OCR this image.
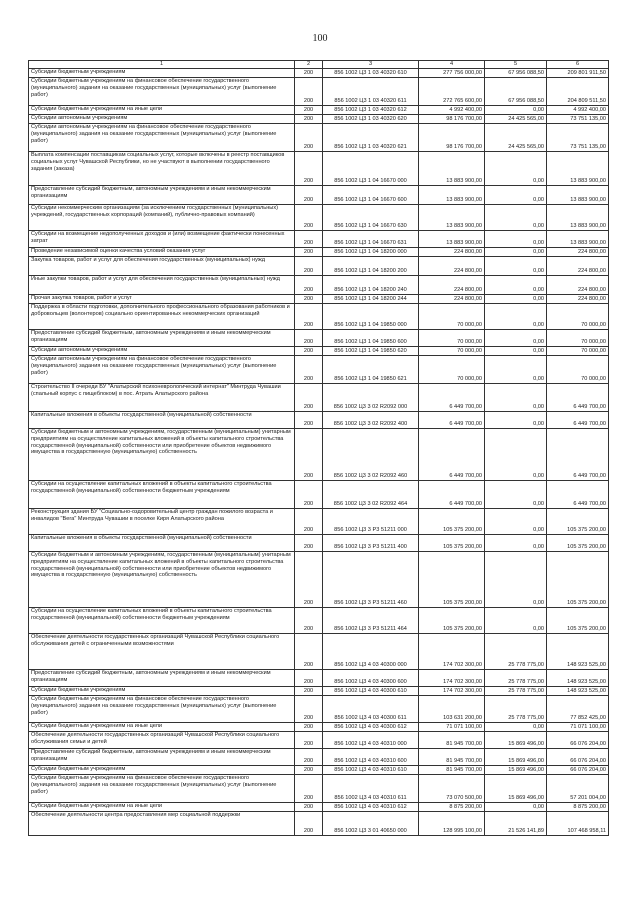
100
1	2	3	4	5	6
Субсидии бюджетным учреждениям	200	856 1002 Ц3 1 03 40320 610	277 756 000,00	67 956 088,50	209 801 911,50
Субсидии бюджетным учреждениям на финансовое обеспечение государственного (муниципального) задания на оказание государственных (муниципальных) услуг (выполнение работ)	200	856 1002 Ц3 1 03 40320 611	272 765 600,00	67 956 088,50	204 809 511,50
Субсидии бюджетным учреждениям на иные цели	200	856 1002 Ц3 1 03 40320 612	4 992 400,00	0,00	4 992 400,00
Субсидии автономным учреждениям	200	856 1002 Ц3 1 03 40320 620	98 176 700,00	24 425 565,00	73 751 135,00
Субсидии автономным учреждениям на финансовое обеспечение государственного (муниципального) задания на оказание государственных (муниципальных) услуг (выполнение работ)	200	856 1002 Ц3 1 03 40320 621	98 176 700,00	24 425 565,00	73 751 135,00
Выплата компенсации поставщикам социальных услуг, которые включены в реестр поставщиков социальных услуг Чувашской Республики, но не участвуют в выполнении государственного задания (заказа)	200	856 1002 Ц3 1 04 16670 000	13 883 900,00	0,00	13 883 900,00
Предоставление субсидий бюджетным, автономным учреждениям и иным некоммерческим организациям	200	856 1002 Ц3 1 04 16670 600	13 883 900,00	0,00	13 883 900,00
Субсидии некоммерческим организациям (за исключением государственных (муниципальных) учреждений, государственных корпораций (компаний), публично-правовых компаний)	200	856 1002 Ц3 1 04 16670 630	13 883 900,00	0,00	13 883 900,00
Субсидии на возмещение недополученных доходов и (или) возмещение фактически понесенных затрат	200	856 1002 Ц3 1 04 16670 631	13 883 900,00	0,00	13 883 900,00
Проведение независимой оценки качества условий оказания услуг	200	856 1002 Ц3 1 04 18200 000	224 800,00	0,00	224 800,00
Закупка товаров, работ и услуг для обеспечения государственных (муниципальных) нужд	200	856 1002 Ц3 1 04 18200 200	224 800,00	0,00	224 800,00
Иные закупки товаров, работ и услуг для обеспечения государственных (муниципальных) нужд	200	856 1002 Ц3 1 04 18200 240	224 800,00	0,00	224 800,00
Прочая закупка товаров, работ и услуг	200	856 1002 Ц3 1 04 18200 244	224 800,00	0,00	224 800,00
Поддержка в области подготовки, дополнительного профессионального образования работников и добровольцев (волонтеров) социально ориентированных некоммерческих организаций	200	856 1002 Ц3 1 04 19850 000	70 000,00	0,00	70 000,00
Предоставление субсидий бюджетным, автономным учреждениям и иным некоммерческим организациям	200	856 1002 Ц3 1 04 19850 600	70 000,00	0,00	70 000,00
Субсидии автономным учреждениям	200	856 1002 Ц3 1 04 19850 620	70 000,00	0,00	70 000,00
Субсидии автономным учреждениям на финансовое обеспечение государственного (муниципального) задания на оказание государственных (муниципальных) услуг (выполнение работ)	200	856 1002 Ц3 1 04 19850 621	70 000,00	0,00	70 000,00
Строительство II очереди БУ "Алатырский психоневрологический интернат" Минтруда Чувашии (спальный корпус с пищеблоком) в пос. Атрать Алатырского района	200	856 1002 Ц3 3 02 R2092 000	6 449 700,00	0,00	6 449 700,00
Капитальные вложения в объекты государственной (муниципальной) собственности	200	856 1002 Ц3 3 02 R2092 400	6 449 700,00	0,00	6 449 700,00
Субсидии бюджетным и автономным учреждениям, государственным (муниципальным) унитарным предприятиям на осуществление капитальных вложений в объекты капитального строительства государственной (муниципальной) собственности или приобретение объектов недвижимого имущества в государственную (муниципальную) собственность	200	856 1002 Ц3 3 02 R2092 460	6 449 700,00	0,00	6 449 700,00
Субсидии на осуществление капитальных вложений в объекты капитального строительства государственной (муниципальной) собственности бюджетным учреждениям	200	856 1002 Ц3 3 02 R2092 464	6 449 700,00	0,00	6 449 700,00
Реконструкция здания БУ "Социально-оздоровительный центр граждан пожилого возраста и инвалидов "Вега" Минтруда Чувашии в поселке Киря Алатырского района	200	856 1002 Ц3 3 P3 51211 000	105 375 200,00	0,00	105 375 200,00
Капитальные вложения в объекты государственной (муниципальной) собственности	200	856 1002 Ц3 3 P3 51211 400	105 375 200,00	0,00	105 375 200,00
Субсидии бюджетным и автономным учреждениям, государственным (муниципальным) унитарным предприятиям на осуществление капитальных вложений в объекты капитального строительства государственной (муниципальной) собственности или приобретение объектов недвижимого имущества в государственную (муниципальную) собственность	200	856 1002 Ц3 3 P3 51211 460	105 375 200,00	0,00	105 375 200,00
Субсидии на осуществление капитальных вложений в объекты капитального строительства государственной (муниципальной) собственности бюджетным учреждениям	200	856 1002 Ц3 3 P3 51211 464	105 375 200,00	0,00	105 375 200,00
Обеспечение деятельности государственных организаций Чувашской Республики социального обслуживания детей с ограниченными возможностями	200	856 1002 Ц3 4 03 40300 000	174 702 300,00	25 778 775,00	148 923 525,00
Предоставление субсидий бюджетным, автономным учреждениям и иным некоммерческим организациям	200	856 1002 Ц3 4 03 40300 600	174 702 300,00	25 778 775,00	148 923 525,00
Субсидии бюджетным учреждениям	200	856 1002 Ц3 4 03 40300 610	174 702 300,00	25 778 775,00	148 923 525,00
Субсидии бюджетным учреждениям на финансовое обеспечение государственного (муниципального) задания на оказание государственных (муниципальных) услуг (выполнение работ)	200	856 1002 Ц3 4 03 40300 611	103 631 200,00	25 778 775,00	77 852 425,00
Субсидии бюджетным учреждениям на иные цели	200	856 1002 Ц3 4 03 40300 612	71 071 100,00	0,00	71 071 100,00
Обеспечение деятельности государственных организаций Чувашской Республики социального обслуживания семьи и детей	200	856 1002 Ц3 4 03 40310 000	81 945 700,00	15 869 496,00	66 076 204,00
Предоставление субсидий бюджетным, автономным учреждениям и иным некоммерческим организациям	200	856 1002 Ц3 4 03 40310 600	81 945 700,00	15 869 496,00	66 076 204,00
Субсидии бюджетным учреждениям	200	856 1002 Ц3 4 03 40310 610	81 945 700,00	15 869 496,00	66 076 204,00
Субсидии бюджетным учреждениям на финансовое обеспечение государственного (муниципального) задания на оказание государственных (муниципальных) услуг (выполнение работ)	200	856 1002 Ц3 4 03 40310 611	73 070 500,00	15 869 496,00	57 201 004,00
Субсидии бюджетным учреждениям на иные цели	200	856 1002 Ц3 4 03 40310 612	8 875 200,00	0,00	8 875 200,00
Обеспечение деятельности центра предоставления мер социальной поддержки	200	856 1002 Ц3 3 01 40650 000	128 995 100,00	21 526 141,89	107 468 958,11
